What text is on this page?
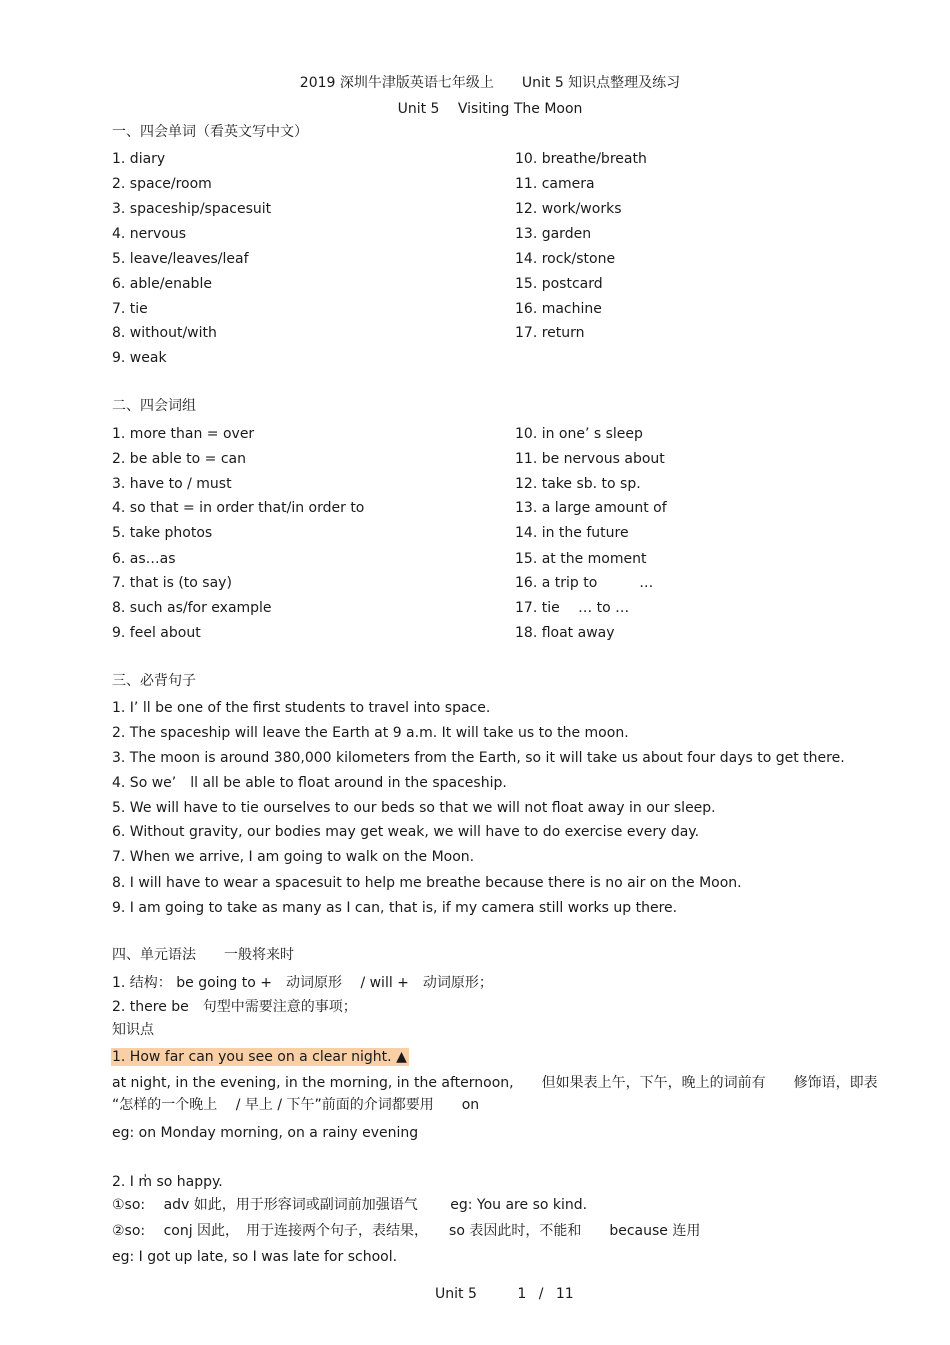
2019 深圳牛津版英语七年级上　　Unit 5 知识点整理及练习
Unit 5　 Visiting The Moon
一、四会单词（看英文写中文）
1. diary
2. space/room
3. spaceship/spacesuit
4. nervous
5. leave/leaves/leaf
6. able/enable
7. tie
8. without/with
9. weak
10. breathe/breath
11. camera
12. work/works
13. garden
14. rock/stone
15. postcard
16. machine
17. return
二、四会词组
1. more than = over
2. be able to = can
3. have to / must
4. so that = in order that/in order to
5. take photos
6. as…as
7. that is (to say)
8. such as/for example
9. feel about
10. in one’ s sleep
11. be nervous about
12. take sb. to sp.
13. a large amount of
14. in the future
15. at the moment
16. a trip to　　　…
17. tie　 … to …
18. float away
三、必背句子
1. I’ ll be one of the first students to travel into space.
2. The spaceship will leave the Earth at 9 a.m. It will take us to the moon.
3. The moon is around 380,000 kilometers from the Earth, so it will take us about four days to get there.
4. So we’　ll all be able to float around in the spaceship.
5. We will have to tie ourselves to our beds so that we will not float away in our sleep.
6. Without gravity, our bodies may get weak, we will have to do exercise every day.
7. When we arrive, I am going to walk on the Moon.
8. I will have to wear a spacesuit to help me breathe because there is no air on the Moon.
9. I am going to take as many as I can, that is, if my camera still works up there.
四、单元语法　　一般将来时
1. 结构： be going to +　动词原形　 / will +　动词原形；
2. there be　句型中需要注意的事项；
知识点
1. How far can you see on a clear night. ▲
at night, in the evening, in the morning, in the afternoon,　　但如果表上午，下午，晚上的词前有　　修饰语，即表
“怎样的一个晚上　 / 早上 / 下午”前面的介词都要用　　on
eg: on Monday morning, on a rainy evening
2. I m̍ so happy.
①so:　 adv 如此，用于形容词或副词前加强语气　　 eg: You are so kind.
②so:　 conj 因此，　用于连接两个句子，表结果，　　so 表因此时，不能和　　because 连用
eg: I got up late, so I was late for school.
Unit 5	1 / 11
